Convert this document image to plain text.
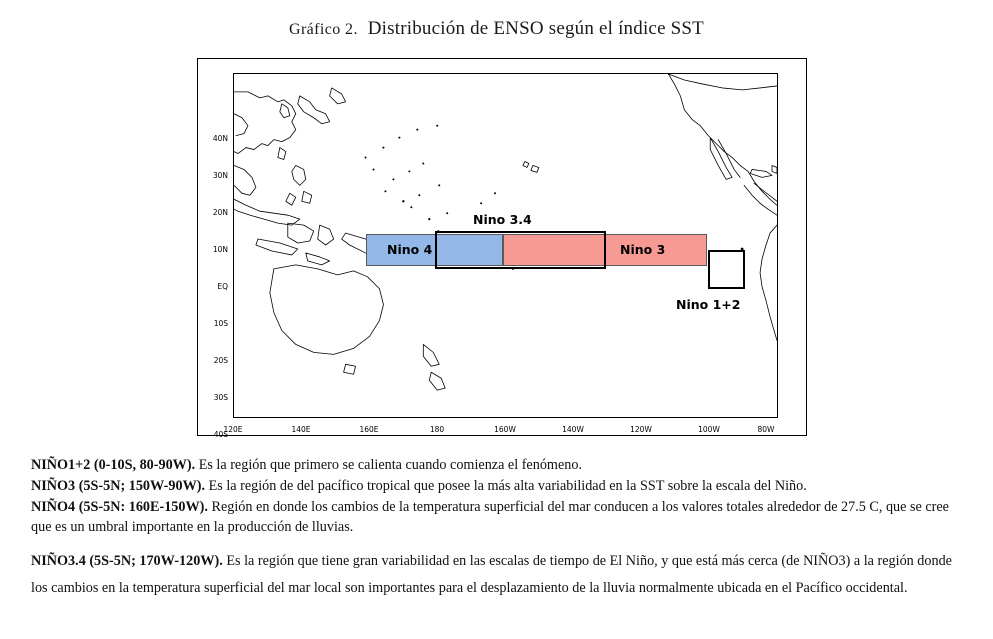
Gráfico 2. Distribución de ENSO según el índice SST
40N
30N
20N
10N
EQ
10S
20S
30S
40S
120E	140E	160E	180	160W	140W	120W	100W	80W
Nino 4	Nino 3
Nino 3.4
Nino 1+2

NIÑO1+2 (0-10S, 80-90W). Es la región que primero se calienta cuando comienza el fenómeno.

NIÑO3 (5S-5N; 150W-90W). Es la región de del pacífico tropical que posee la más alta variabilidad en la SST sobre la escala del Niño.

NIÑO4 (5S-5N: 160E-150W). Región en donde los cambios de la temperatura superficial del mar conducen a los valores totales alrededor de 27.5 C, que se cree que es un umbral importante en la producción de lluvias.

NIÑO3.4 (5S-5N; 170W-120W). Es la región que tiene gran variabilidad en las escalas de tiempo de El Niño, y que está más cerca (de NIÑO3) a la región donde los cambios en la temperatura superficial del mar local son importantes para el desplazamiento de la lluvia normalmente ubicada en el Pacífico occidental.
